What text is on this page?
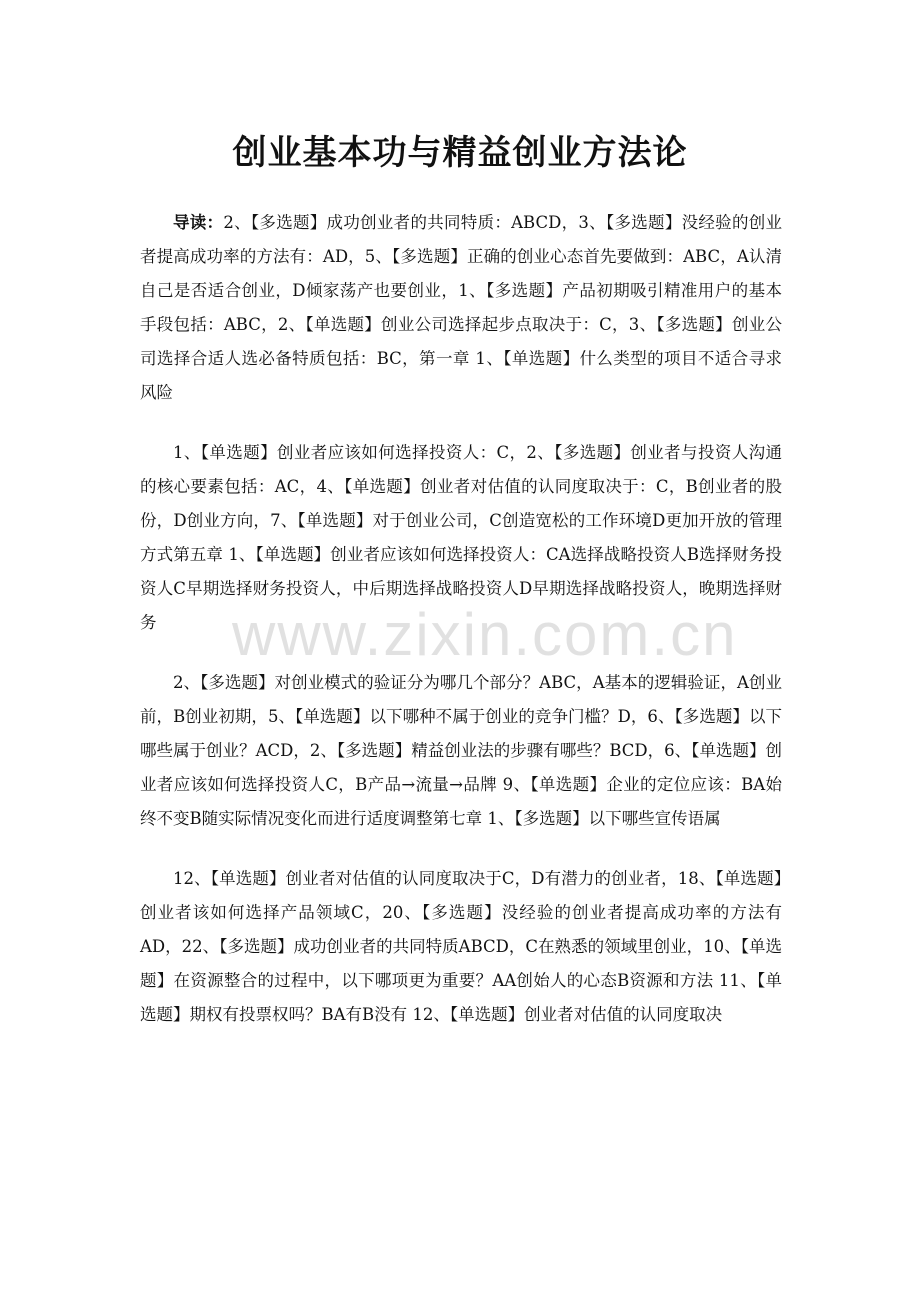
创业基本功与精益创业方法论

导读：2、【多选题】成功创业者的共同特质：ABCD，3、【多选题】没经验的创业者提高成功率的方法有：AD，5、【多选题】正确的创业心态首先要做到：ABC，A认清自己是否适合创业，D倾家荡产也要创业，1、【多选题】产品初期吸引精准用户的基本手段包括：ABC，2、【单选题】创业公司选择起步点取决于：C，3、【多选题】创业公司选择合适人选必备特质包括：BC，第一章 1、【单选题】什么类型的项目不适合寻求风险

1、【单选题】创业者应该如何选择投资人：C，2、【多选题】创业者与投资人沟通的核心要素包括：AC，4、【单选题】创业者对估值的认同度取决于：C，B创业者的股份，D创业方向，7、【单选题】对于创业公司，C创造宽松的工作环境D更加开放的管理方式第五章 1、【单选题】创业者应该如何选择投资人：CA选择战略投资人B选择财务投资人C早期选择财务投资人，中后期选择战略投资人D早期选择战略投资人，晚期选择财务

2、【多选题】对创业模式的验证分为哪几个部分？ABC，A基本的逻辑验证，A创业前，B创业初期，5、【单选题】以下哪种不属于创业的竞争门槛？D，6、【多选题】以下哪些属于创业？ACD，2、【多选题】精益创业法的步骤有哪些？BCD，6、【单选题】创业者应该如何选择投资人C，B产品→流量→品牌 9、【单选题】企业的定位应该：BA始终不变B随实际情况变化而进行适度调整第七章 1、【多选题】以下哪些宣传语属

12、【单选题】创业者对估值的认同度取决于C，D有潜力的创业者，18、【单选题】创业者该如何选择产品领域C，20、【多选题】没经验的创业者提高成功率的方法有AD，22、【多选题】成功创业者的共同特质ABCD，C在熟悉的领域里创业，10、【单选题】在资源整合的过程中，以下哪项更为重要？AA创始人的心态B资源和方法 11、【单选题】期权有投票权吗？BA有B没有 12、【单选题】创业者对估值的认同度取决

www.zixin.com.cn
